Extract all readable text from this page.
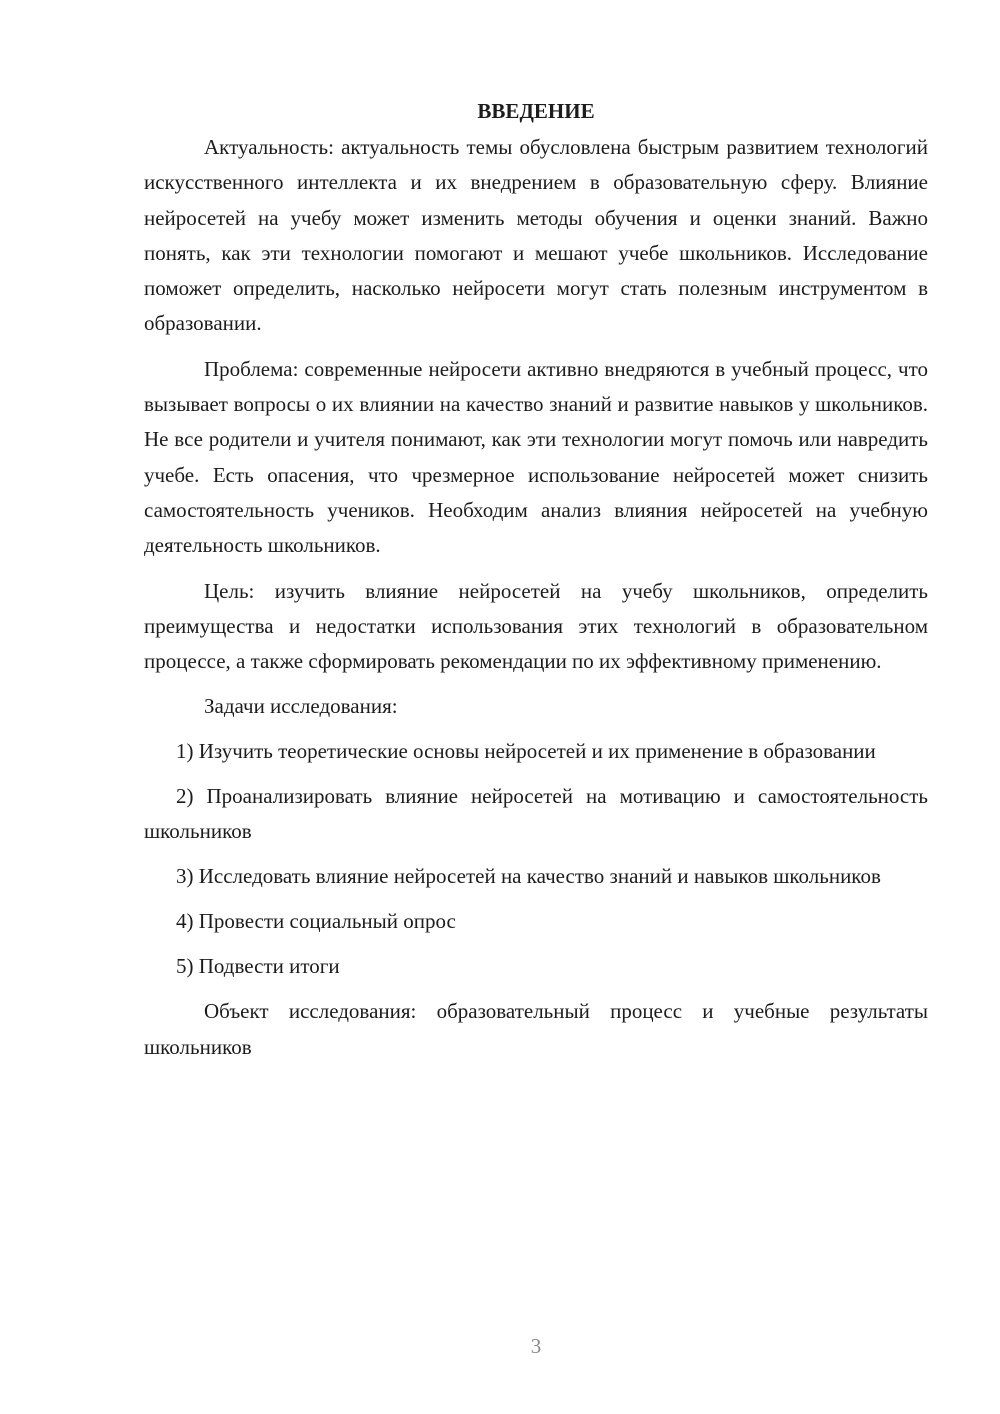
ВВЕДЕНИЕ

Актуальность: актуальность темы обусловлена быстрым развитием технологий искусственного интеллекта и их внедрением в образовательную сферу. Влияние нейросетей на учебу может изменить методы обучения и оценки знаний. Важно понять, как эти технологии помогают и мешают учебе школьников. Исследование поможет определить, насколько нейросети могут стать полезным инструментом в образовании.

Проблема: современные нейросети активно внедряются в учебный процесс, что вызывает вопросы о их влиянии на качество знаний и развитие навыков у школьников. Не все родители и учителя понимают, как эти технологии могут помочь или навредить учебе. Есть опасения, что чрезмерное использование нейросетей может снизить самостоятельность учеников. Необходим анализ влияния нейросетей на учебную деятельность школьников.

Цель: изучить влияние нейросетей на учебу школьников, определить преимущества и недостатки использования этих технологий в образовательном процессе, а также сформировать рекомендации по их эффективному применению.

Задачи исследования:

1) Изучить теоретические основы нейросетей и их применение в образовании

2) Проанализировать влияние нейросетей на мотивацию и самостоятельность школьников

3) Исследовать влияние нейросетей на качество знаний и навыков школьников

4) Провести социальный опрос

5) Подвести итоги

Объект исследования: образовательный процесс и учебные результаты школьников

3
